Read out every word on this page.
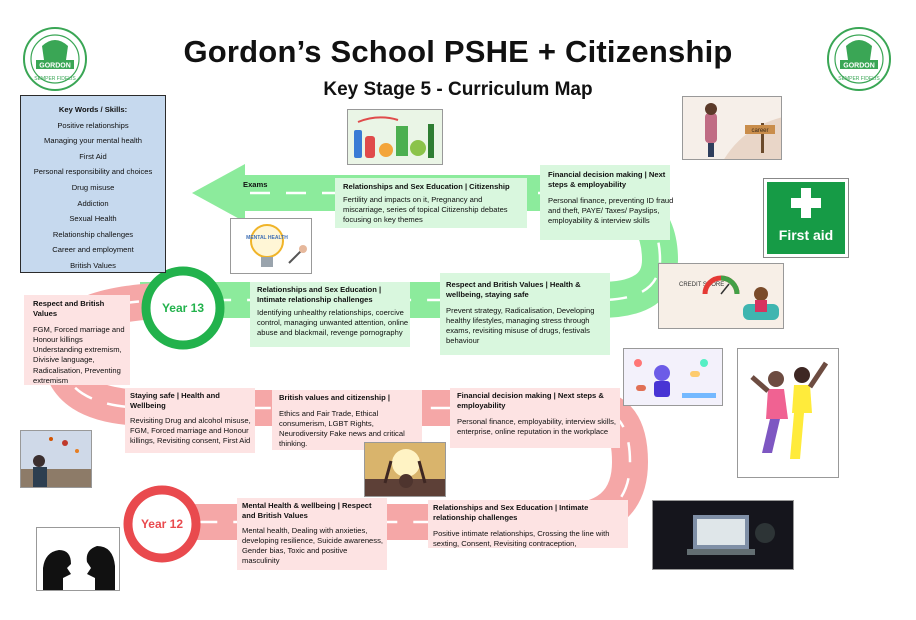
Gordon’s School PSHE + Citizenship
Key Stage 5 - Curriculum Map
GORDON
SEMPER FIDELIS
GORDON
SEMPER FIDELIS
Key Words / Skills:
Positive relationships
Managing your mental health
First Aid
Personal responsibility and choices
Drug misuse
Addiction
Sexual Health
Relationship challenges
Career and employment
British Values
Year 13
Year 12
Exams	Relationships and Sex Education | Citizenship
Fertility and impacts on it, Pregnancy and miscarriage, series of topical Citizenship debates focusing on key themes
Financial decision making | Next steps & employability
Personal finance, preventing ID fraud and theft, PAYE/ Taxes/ Payslips, employability & interview skills
Relationships and Sex Education | Intimate relationship challenges
Identifying unhealthy relationships, coercive control, managing unwanted attention, online abuse and blackmail, revenge pornography
Respect and British Values | Health & wellbeing, staying safe
Prevent strategy, Radicalisation, Developing healthy lifestyles, managing stress through exams, revisiting misuse of drugs, festivals behaviour
Respect and British Values
FGM, Forced marriage and Honour killings Understanding extremism, Divisive language, Radicalisation, Preventing extremism
Staying safe | Health and Wellbeing
Revisiting Drug and alcohol misuse, FGM, Forced marriage and Honour killings, Revisiting consent, First Aid
British values and citizenship |
Ethics and Fair Trade, Ethical consumerism, LGBT Rights, Neurodiversity Fake news and critical thinking.
Financial decision making | Next steps & employability
Personal finance, employability, interview skills, enterprise, online reputation in the workplace
Mental Health & wellbeing | Respect and British Values
Mental health, Dealing with anxieties, developing resilience, Suicide awareness, Gender bias, Toxic and positive masculinity
Relationships and Sex Education | Intimate relationship challenges
Positive intimate relationships, Crossing the line with sexting, Consent, Revisiting contraception,
career
First aid
MENTAL HEALTH
CREDIT SCORE
